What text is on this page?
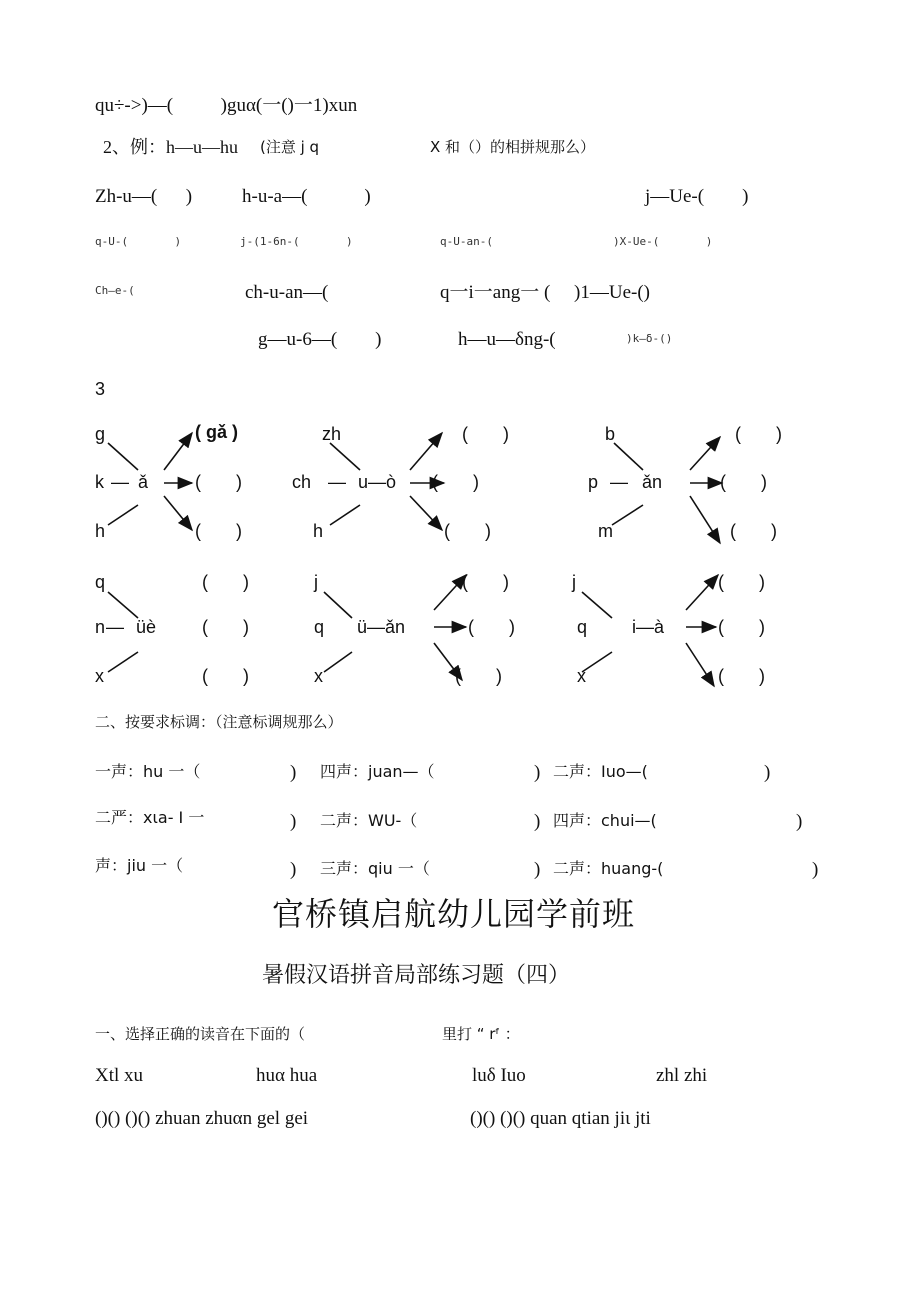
qu÷->)—(          )guα(一()一1)xun
2、例：h—u—hu (注意 j q	X 和（）的相拼规那么）
Zh-u—(      )	h-u-a—(            )	j—Ue-(        )
q-U-(       )	j-(1-6n-(       )	q-U-an-(	)X-Ue-(       )
Ch—e-(	ch-u-an—(	q一i一ang一 (     )1—Ue-()
g—u-6—(        )	h—u—δng-(	)k—δ-()
3
g
k — ǎ
h
( gǎ )
(       )
(       )
zh
ch	u—ò
—
h
(       )
(       )
(       )
b
p — ǎn
m
(       )
(       )
(       )
q
n — üè
x
(       )
(       )
(       )
j
q ü—ǎn
x
(       )
(       )
(       )
j
q i—à
x
(       )
(       )
(       )
二、按要求标调：（注意标调规那么）
一声：hu 一（	) 四声：juan—（	) 二声：Iuo—(	)
二严：xιa- I 一	) 二声：WU-（	) 四声：chui—(	)
声：jiu 一（	) 三声：qiu 一（	) 二声：huang-(	)
官桥镇启航幼儿园学前班
暑假汉语拼音局部练习题（四）
一、选择正确的读音在下面的（	里打 “ rᶠ ：
Xtl xu	huα hua	luδ Iuo	zhl zhi
()() ()() zhuan zhuαn gel gei	()() ()() quan qtian jiι jti
